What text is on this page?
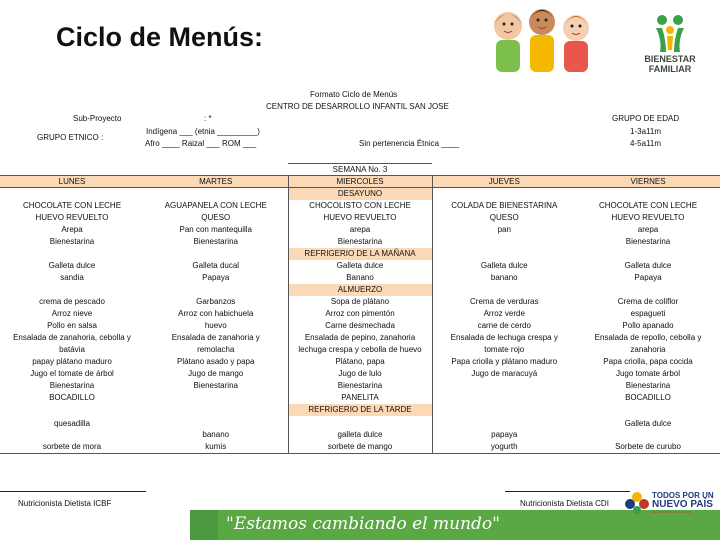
Ciclo de Menús:
BIENESTAR
FAMILIAR
Formato Ciclo de Menús
CENTRO DE DESARROLLO INFANTIL SAN JOSE
Sub-Proyecto	: *
GRUPO ETNICO :
Indígena ___ (etnia _________)
Afro ____ Raizal ___ ROM ___	Sin pertenencia Étnica ____
GRUPO DE EDAD
1-3a11m
4-5a11m
		SEMANA No. 3		
LUNES	MARTES	MIERCOLES	JUEVES	VIERNES
		DESAYUNO		
CHOCOLATE CON LECHE	AGUAPANELA CON LECHE	CHOCOLISTO CON LECHE	COLADA DE BIENESTARINA	CHOCOLATE CON LECHE
HUEVO REVUELTO	QUESO	HUEVO REVUELTO	QUESO	HUEVO REVUELTO
Arepa	Pan con mantequilla	arepa	pan	arepa
Bienestarina	Bienestarina	Bienestarina		Bienestarina
		REFRIGERIO DE LA MAÑANA		
Galleta dulce	Galleta ducal	Galleta dulce	Galleta dulce	Galleta dulce
sandia	Papaya	Banano	banano	Papaya
		ALMUERZO		
crema de pescado	Garbanzos	Sopa de plátano	Crema de verduras	Crema de coliflor
Arroz nieve	Arroz con habichuela	Arroz con pimentón	Arroz verde	espagueti
Pollo en salsa	huevo	Carne desmechada	carne de cerdo	Pollo apanado
Ensalada de zanahoria, cebolla y	Ensalada de zanahoria y	Ensalada de pepino, zanahoria	Ensalada de lechuga crespa y	Ensalada de repollo, cebolla y
batávia	remolacha	lechuga crespa y cebolla de huevo	tomate rojo	zanahoria
papay plátano maduro	Plátano asado y papa	Plátano, papa	Papa criolla y plátano maduro	Papa criolla, papa cocida
Jugo el tomate de árbol	Jugo de mango	Jugo de lulo	Jugo de maracuyá	Jugo tomate árbol
Bienestarina	Bienestarina	Bienestarina		Bienestarina
BOCADILLO		PANELITA		BOCADILLO
		REFRIGERIO DE LA TARDE		
quesadilla	banano	galleta dulce	papaya	Galleta dulce
sorbete de mora	kumis	sorbete de mango	yogurth	Sorbete de curubo
Nutricionista Dietista ICBF	Nutricionista Dietista CDI
"Estamos cambiando el mundo"
TODOS POR UN
NUEVO PAÍS
PAZ EQUIDAD EDUCACIÓN
